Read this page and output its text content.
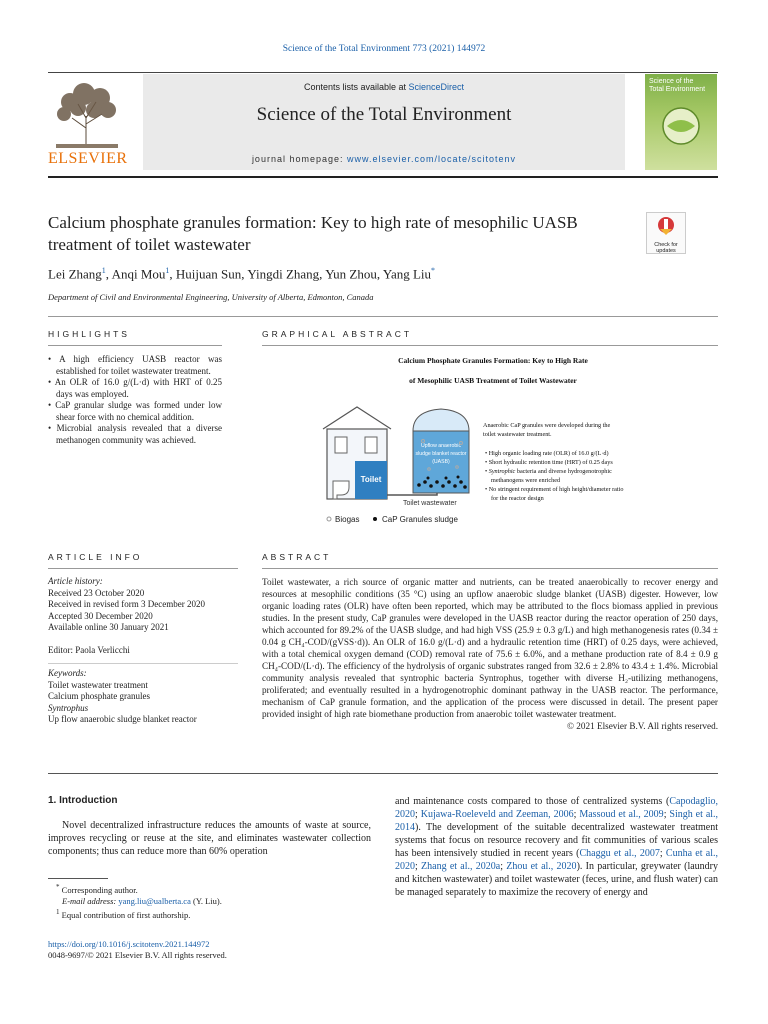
Science of the Total Environment 773 (2021) 144972
ELSEVIER
Contents lists available at ScienceDirect
Science of the Total Environment
journal homepage: www.elsevier.com/locate/scitotenv
Science of the
Total Environment
Calcium phosphate granules formation: Key to high rate of mesophilic UASB treatment of toilet wastewater	Check for updates
Lei Zhang$^1$, Anqi Mou$^1$, Huijuan Sun, Yingdi Zhang, Yun Zhou, Yang Liu*
Department of Civil and Environmental Engineering, University of Alberta, Edmonton, Canada
HIGHLIGHTS
• A high efficiency UASB reactor was established for toilet wastewater treatment.
• An OLR of 16.0 g/(L·d) with HRT of 0.25 days was employed.
• CaP granular sludge was formed under low shear force with no chemical addition.
• Microbial analysis revealed that a diverse methanogen community was achieved.
GRAPHICAL ABSTRACT
Calcium Phosphate Granules Formation: Key to High Rate
of Mesophilic UASB Treatment of Toilet Wastewater
Toilet
Toilet wastewater
Upflow anaerobic
sludge blanket reactor
(UASB)
Biogas	CaP Granules sludge
Anaerobic CaP granules were developed during the
toilet wastewater treatment.
• High organic loading rate (OLR) of 16.0 g/(L·d)
• Short hydraulic retention time (HRT) of 0.25 days
• Syntrophic bacteria and diverse hydrogenotrophic
methanogens were enriched
• No stringent requirement of high height/diameter ratio
for the reactor design
ARTICLE INFO
Article history:
Received 23 October 2020
Received in revised form 3 December 2020
Accepted 30 December 2020
Available online 30 January 2021
Editor: Paola Verlicchi
Keywords:
Toilet wastewater treatment
Calcium phosphate granules
Syntrophus
Up flow anaerobic sludge blanket reactor
ABSTRACT
Toilet wastewater, a rich source of organic matter and nutrients, can be treated anaerobically to recover energy and resources at mesophilic conditions (35 °C) using an upflow anaerobic sludge blanket (UASB) digester. However, low organic loading rates (OLR) have often been reported, which may be attributed to the flocs biomass applied in previous studies. In the present study, CaP granules were developed in the UASB reactor during the reactor operation of 250 days, which accounted for 89.2% of the UASB sludge, and had high VSS (25.9 ± 0.3 g/L) and high methanogenesis rates (0.34 ± 0.04 g CH₄-COD/(gVSS·d)). An OLR of 16.0 g/(L·d) and a hydraulic retention time (HRT) of 0.25 days, were achieved, with a total chemical oxygen demand (COD) removal rate of 75.6 ± 6.0%, and a methane production rate of 8.4 ± 0.9 g CH₄-COD/(L·d). The efficiency of the hydrolysis of organic substrates ranged from 32.6 ± 2.8% to 43.4 ± 1.4%. Microbial community analysis revealed that syntrophic bacteria Syntrophus, together with diverse H₂-utilizing methanogens, proliferated; and eventually resulted in a hydrogenotrophic dominant pathway in the UASB reactor. The performance, mechanism of CaP granule formation, and the application of the process were discussed in detail. The present paper provided insight of high rate biomethane production from anaerobic toilet wastewater treatment.
© 2021 Elsevier B.V. All rights reserved.
1. Introduction
Novel decentralized infrastructure reduces the amounts of waste at source, improves recycling or reuse at the site, and eliminates wastewater collection components; thus can reduce more than 60% operation
and maintenance costs compared to those of centralized systems (Capodaglio, 2020; Kujawa-Roeleveld and Zeeman, 2006; Massoud et al., 2009; Singh et al., 2014). The development of the suitable decentralized wastewater treatment systems that focus on resource recovery and fit communities of various scales has been intensively studied in recent years (Chaggu et al., 2007; Cunha et al., 2020; Zhang et al., 2020a; Zhou et al., 2020). In particular, greywater (laundry and kitchen wastewater) and toilet wastewater (feces, urine, and flush water) can be managed separately to maximize the recovery of energy and
* Corresponding author.
E-mail address: yang.liu@ualberta.ca (Y. Liu).
$^1$ Equal contribution of first authorship.
https://doi.org/10.1016/j.scitotenv.2021.144972
0048-9697/© 2021 Elsevier B.V. All rights reserved.
